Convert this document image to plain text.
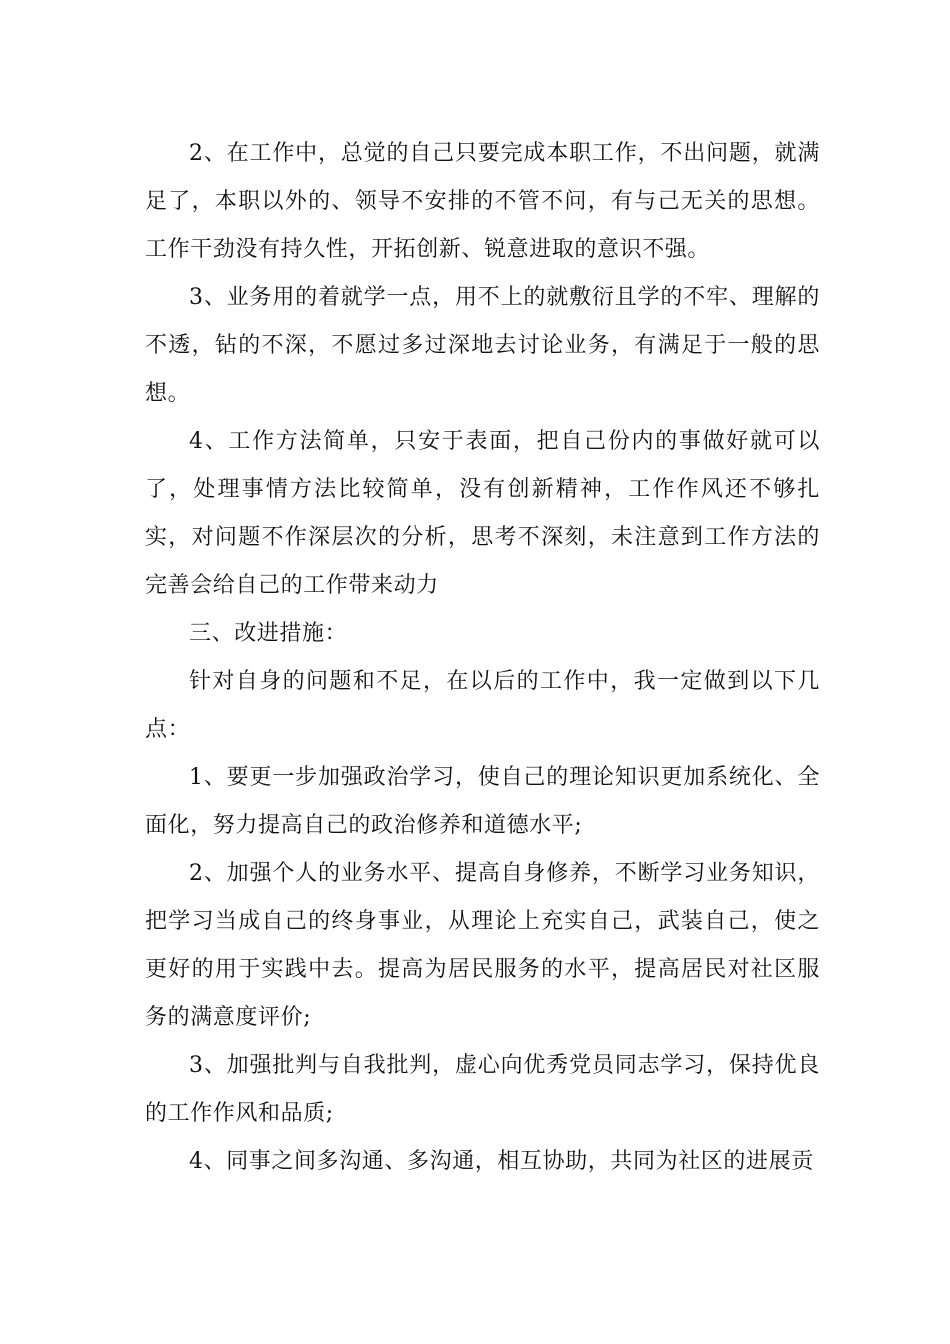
2、在工作中，总觉的自己只要完成本职工作，不出问题，就满足了，本职以外的、领导不安排的不管不问，有与己无关的思想。工作干劲没有持久性，开拓创新、锐意进取的意识不强。

3、业务用的着就学一点，用不上的就敷衍且学的不牢、理解的不透，钻的不深，不愿过多过深地去讨论业务，有满足于一般的思想。

4、工作方法简单，只安于表面，把自己份内的事做好就可以了，处理事情方法比较简单，没有创新精神，工作作风还不够扎实，对问题不作深层次的分析，思考不深刻，未注意到工作方法的完善会给自己的工作带来动力

三、改进措施：

针对自身的问题和不足，在以后的工作中，我一定做到以下几点：

1、要更一步加强政治学习，使自己的理论知识更加系统化、全面化，努力提高自己的政治修养和道德水平;

2、加强个人的业务水平、提高自身修养，不断学习业务知识，把学习当成自己的终身事业，从理论上充实自己，武装自己，使之更好的用于实践中去。提高为居民服务的水平，提高居民对社区服务的满意度评价;

3、加强批判与自我批判，虚心向优秀党员同志学习，保持优良的工作作风和品质;

4、同事之间多沟通、多沟通，相互协助，共同为社区的进展贡
